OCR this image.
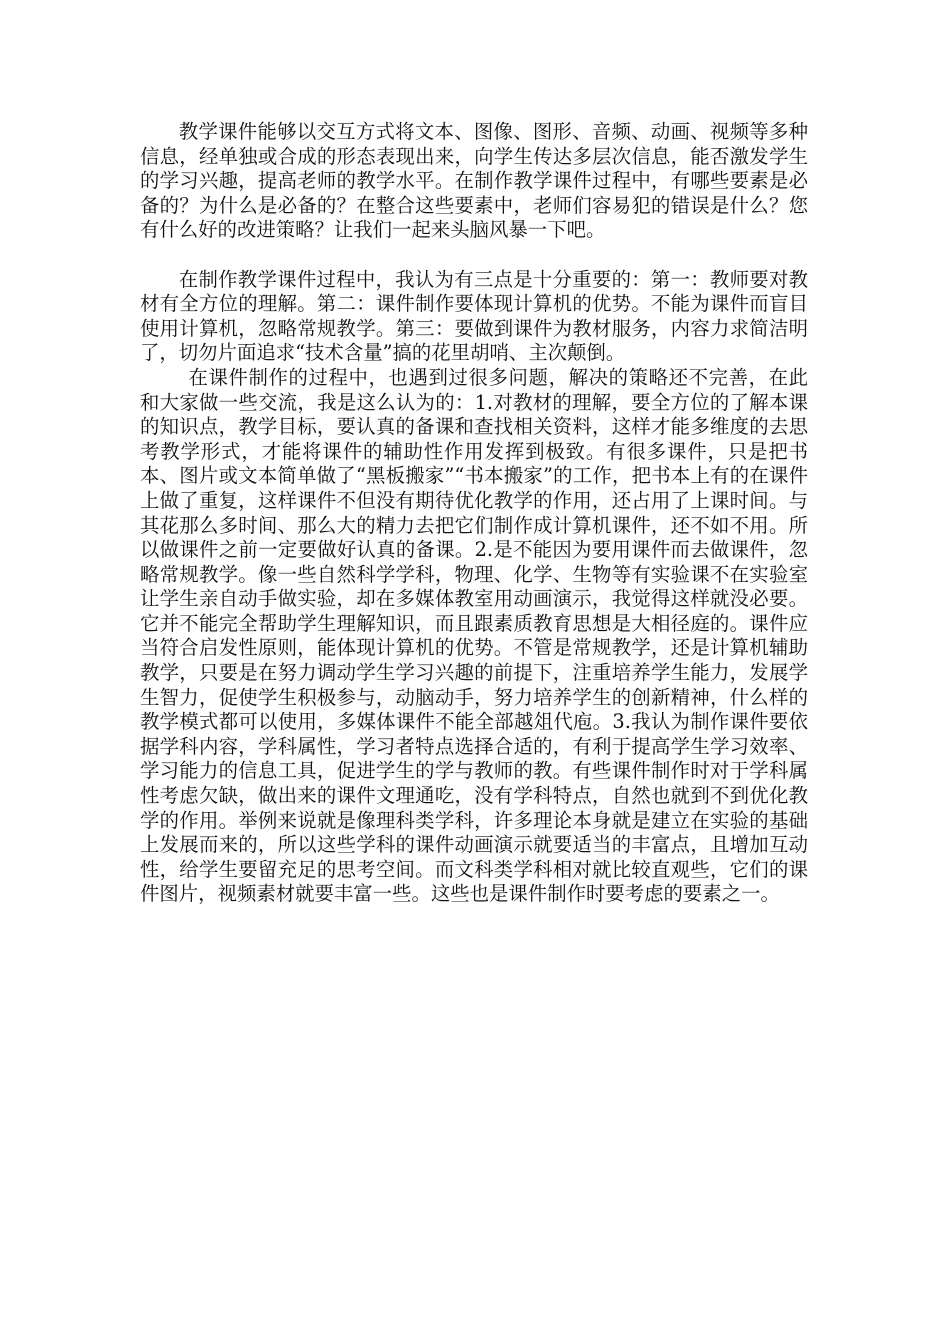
教学课件能够以交互方式将文本、图像、图形、音频、动画、视频等多种信息，经单独或合成的形态表现出来，向学生传达多层次信息，能否激发学生的学习兴趣，提高老师的教学水平。在制作教学课件过程中，有哪些要素是必备的？为什么是必备的？在整合这些要素中，老师们容易犯的错误是什么？您有什么好的改进策略？让我们一起来头脑风暴一下吧。

在制作教学课件过程中，我认为有三点是十分重要的：第一：教师要对教材有全方位的理解。第二：课件制作要体现计算机的优势。不能为课件而盲目使用计算机，忽略常规教学。第三：要做到课件为教材服务，内容力求简洁明了，切勿片面追求“技术含量”搞的花里胡哨、主次颠倒。

在课件制作的过程中，也遇到过很多问题，解决的策略还不完善，在此和大家做一些交流，我是这么认为的：1.对教材的理解，要全方位的了解本课的知识点，教学目标，要认真的备课和查找相关资料，这样才能多维度的去思考教学形式，才能将课件的辅助性作用发挥到极致。有很多课件，只是把书本、图片或文本简单做了“黑板搬家”“书本搬家”的工作，把书本上有的在课件上做了重复，这样课件不但没有期待优化教学的作用，还占用了上课时间。与其花那么多时间、那么大的精力去把它们制作成计算机课件，还不如不用。所以做课件之前一定要做好认真的备课。2.是不能因为要用课件而去做课件，忽略常规教学。像一些自然科学学科，物理、化学、生物等有实验课不在实验室让学生亲自动手做实验，却在多媒体教室用动画演示，我觉得这样就没必要。它并不能完全帮助学生理解知识，而且跟素质教育思想是大相径庭的。课件应当符合启发性原则，能体现计算机的优势。不管是常规教学，还是计算机辅助教学，只要是在努力调动学生学习兴趣的前提下，注重培养学生能力，发展学生智力，促使学生积极参与，动脑动手，努力培养学生的创新精神，什么样的教学模式都可以使用，多媒体课件不能全部越俎代庖。3.我认为制作课件要依据学科内容，学科属性，学习者特点选择合适的，有利于提高学生学习效率、学习能力的信息工具，促进学生的学与教师的教。有些课件制作时对于学科属性考虑欠缺，做出来的课件文理通吃，没有学科特点，自然也就到不到优化教学的作用。举例来说就是像理科类学科，许多理论本身就是建立在实验的基础上发展而来的，所以这些学科的课件动画演示就要适当的丰富点，且增加互动性，给学生要留充足的思考空间。而文科类学科相对就比较直观些，它们的课件图片，视频素材就要丰富一些。这些也是课件制作时要考虑的要素之一。
